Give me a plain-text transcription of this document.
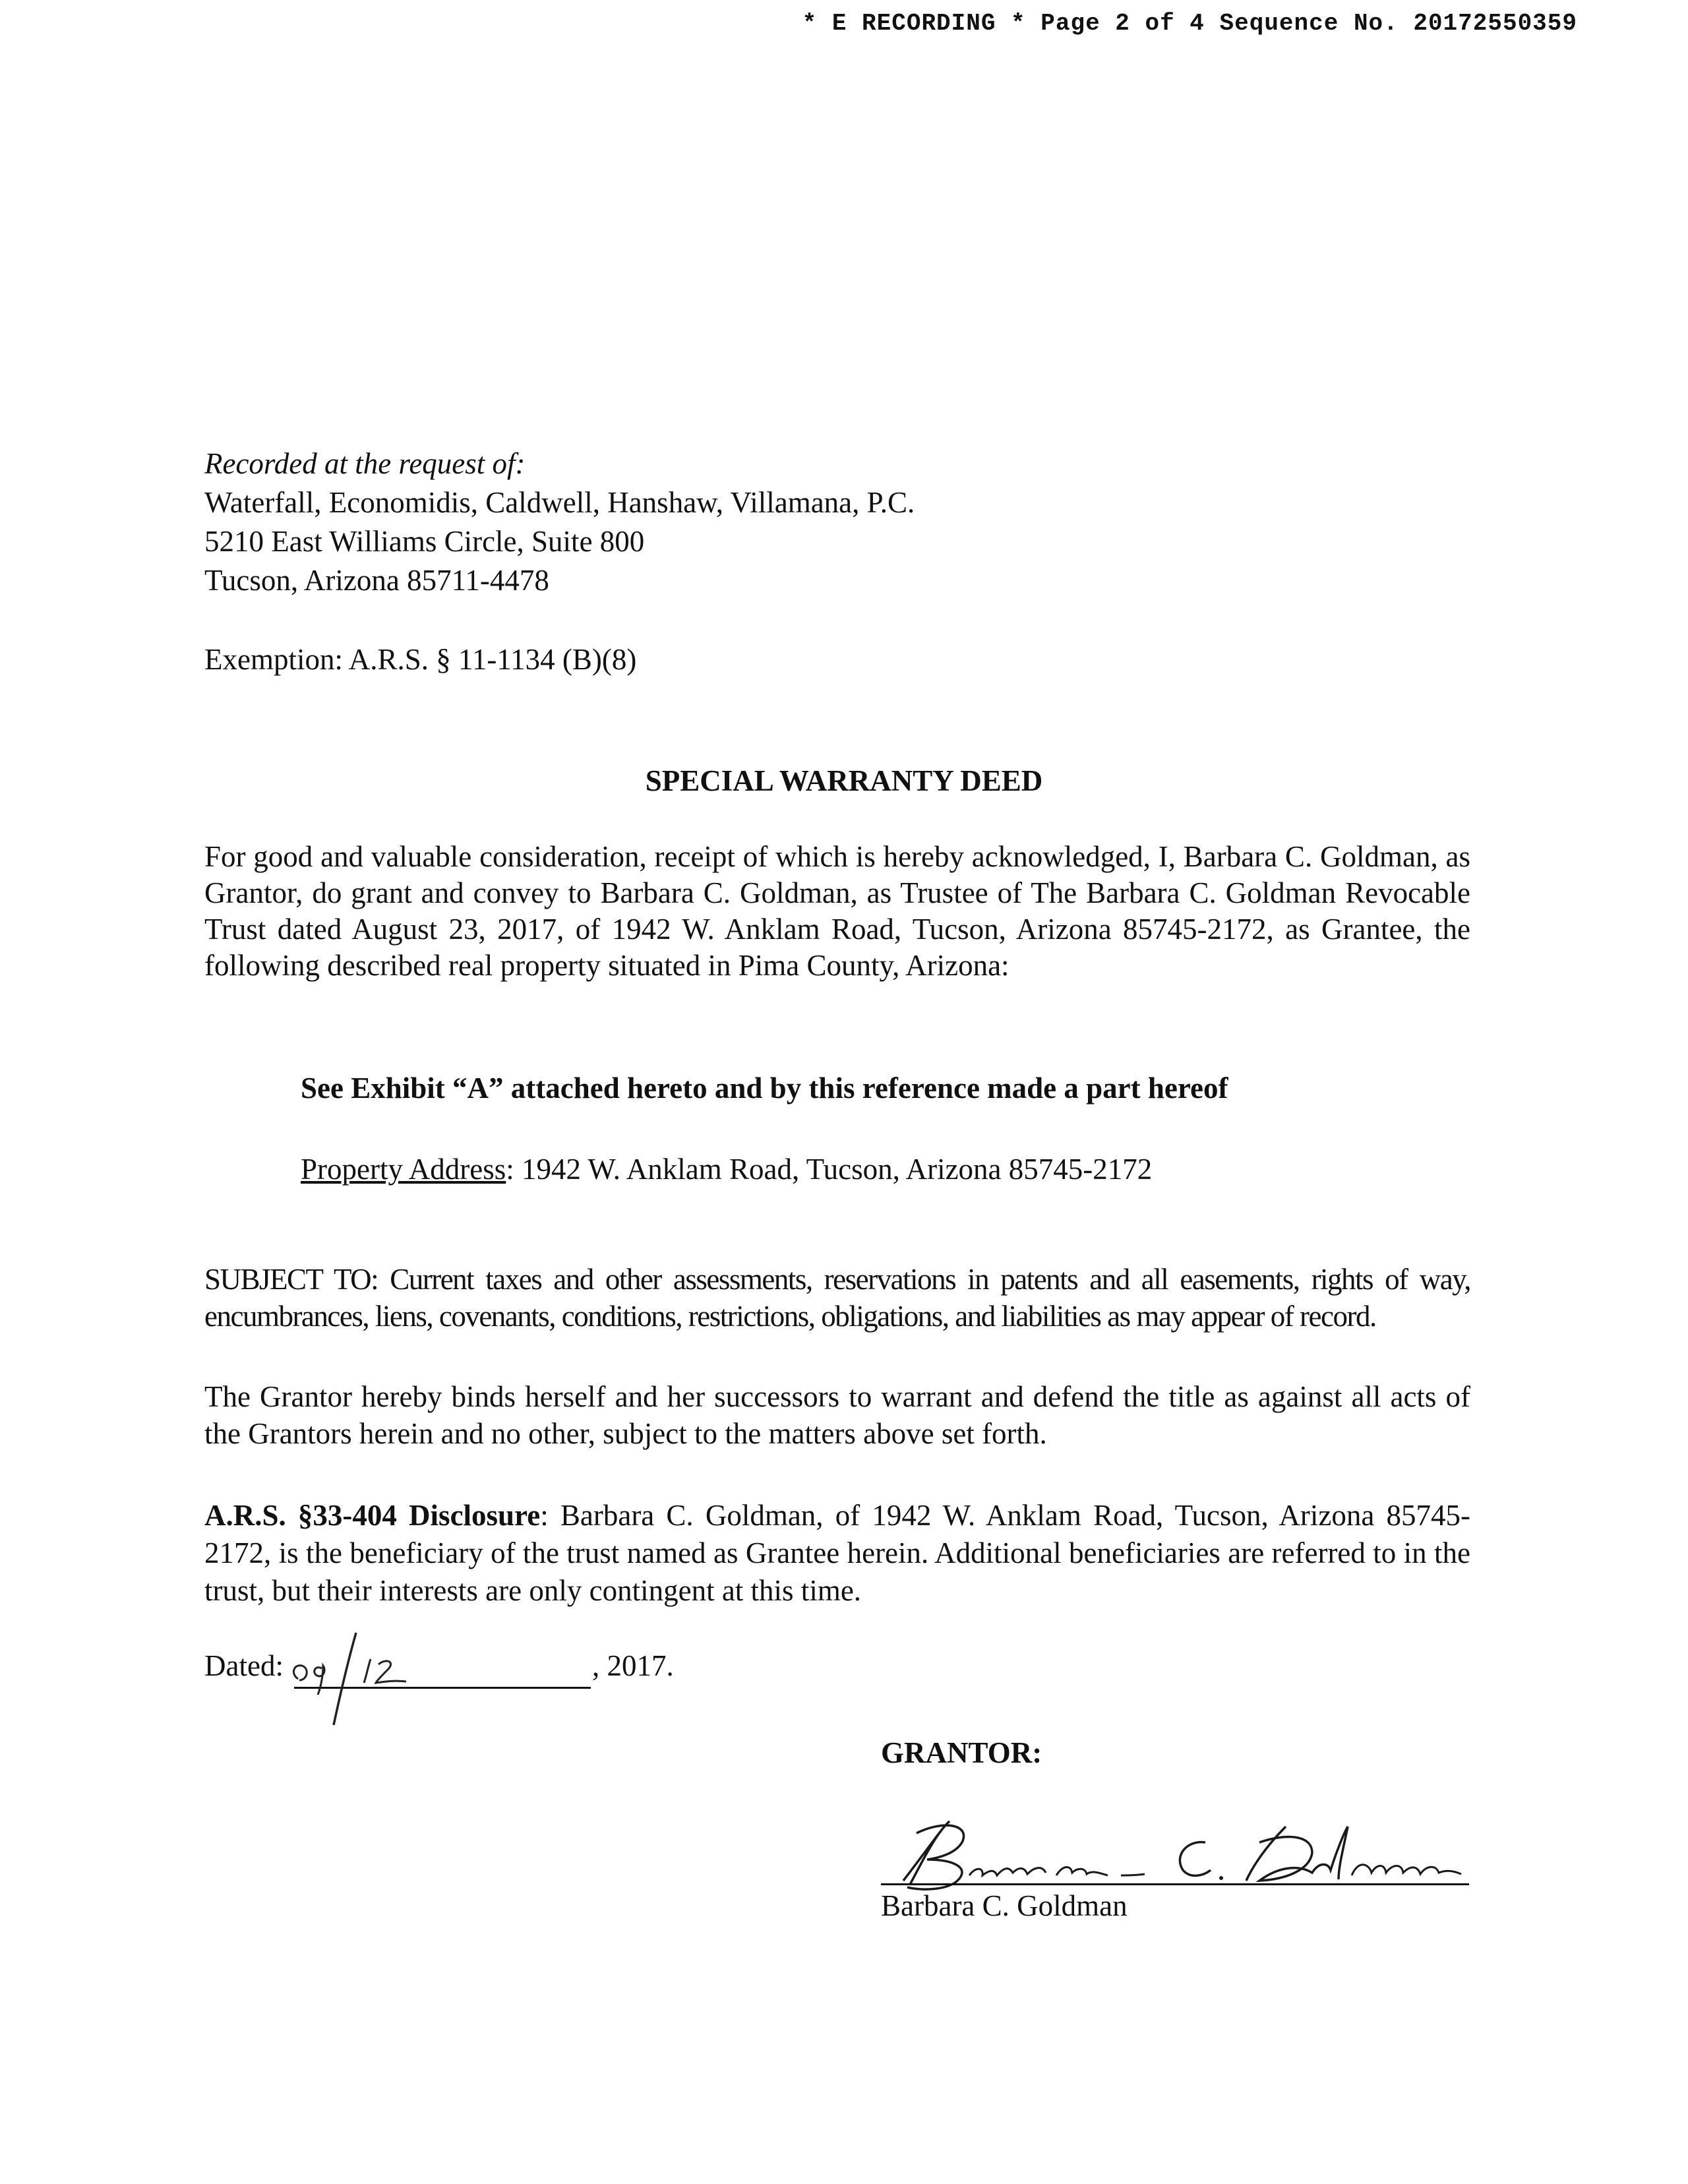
* E RECORDING * Page 2 of 4 Sequence No. 20172550359
Recorded at the request of:
Waterfall, Economidis, Caldwell, Hanshaw, Villamana, P.C.
5210 East Williams Circle, Suite 800
Tucson, Arizona 85711-4478
Exemption: A.R.S. § 11-1134 (B)(8)
SPECIAL WARRANTY DEED
For good and valuable consideration, receipt of which is hereby acknowledged, I, Barbara C. Goldman, as Grantor, do grant and convey to Barbara C. Goldman, as Trustee of The Barbara C. Goldman Revocable Trust dated August 23, 2017, of 1942 W. Anklam Road, Tucson, Arizona 85745-2172, as Grantee, the following described real property situated in Pima County, Arizona:
See Exhibit “A” attached hereto and by this reference made a part hereof
Property Address: 1942 W. Anklam Road, Tucson, Arizona 85745-2172
SUBJECT TO: Current taxes and other assessments, reservations in patents and all easements, rights of way, encumbrances, liens, covenants, conditions, restrictions, obligations, and liabilities as may appear of record.
The Grantor hereby binds herself and her successors to warrant and defend the title as against all acts of the Grantors herein and no other, subject to the matters above set forth.
A.R.S. §33-404 Disclosure: Barbara C. Goldman, of 1942 W. Anklam Road, Tucson, Arizona 85745-2172, is the beneficiary of the trust named as Grantee herein. Additional beneficiaries are referred to in the trust, but their interests are only contingent at this time.
Dated:	, 2017.
GRANTOR:
Barbara C. Goldman
